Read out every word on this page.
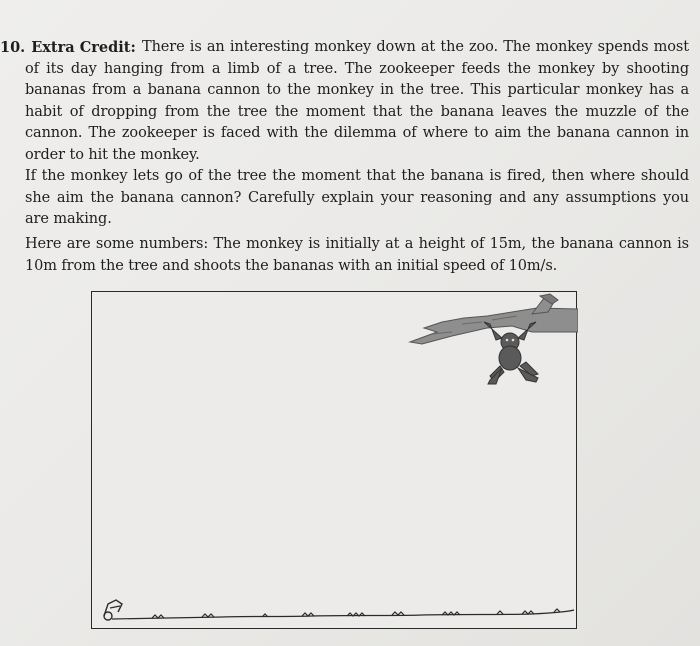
10. Extra Credit: There is an interesting monkey down at the zoo. The monkey spends most of its day hanging from a limb of a tree. The zookeeper feeds the monkey by shooting bananas from a banana cannon to the monkey in the tree. This particular monkey has a habit of dropping from the tree the moment that the banana leaves the muzzle of the cannon. The zookeeper is faced with the dilemma of where to aim the banana cannon in order to hit the monkey.
If the monkey lets go of the tree the moment that the banana is fired, then where should she aim the banana cannon? Carefully explain your reasoning and any assumptions you are making.
Here are some numbers: The monkey is initially at a height of 15m, the banana cannon is 10m from the tree and shoots the bananas with an initial speed of 10m/s.
